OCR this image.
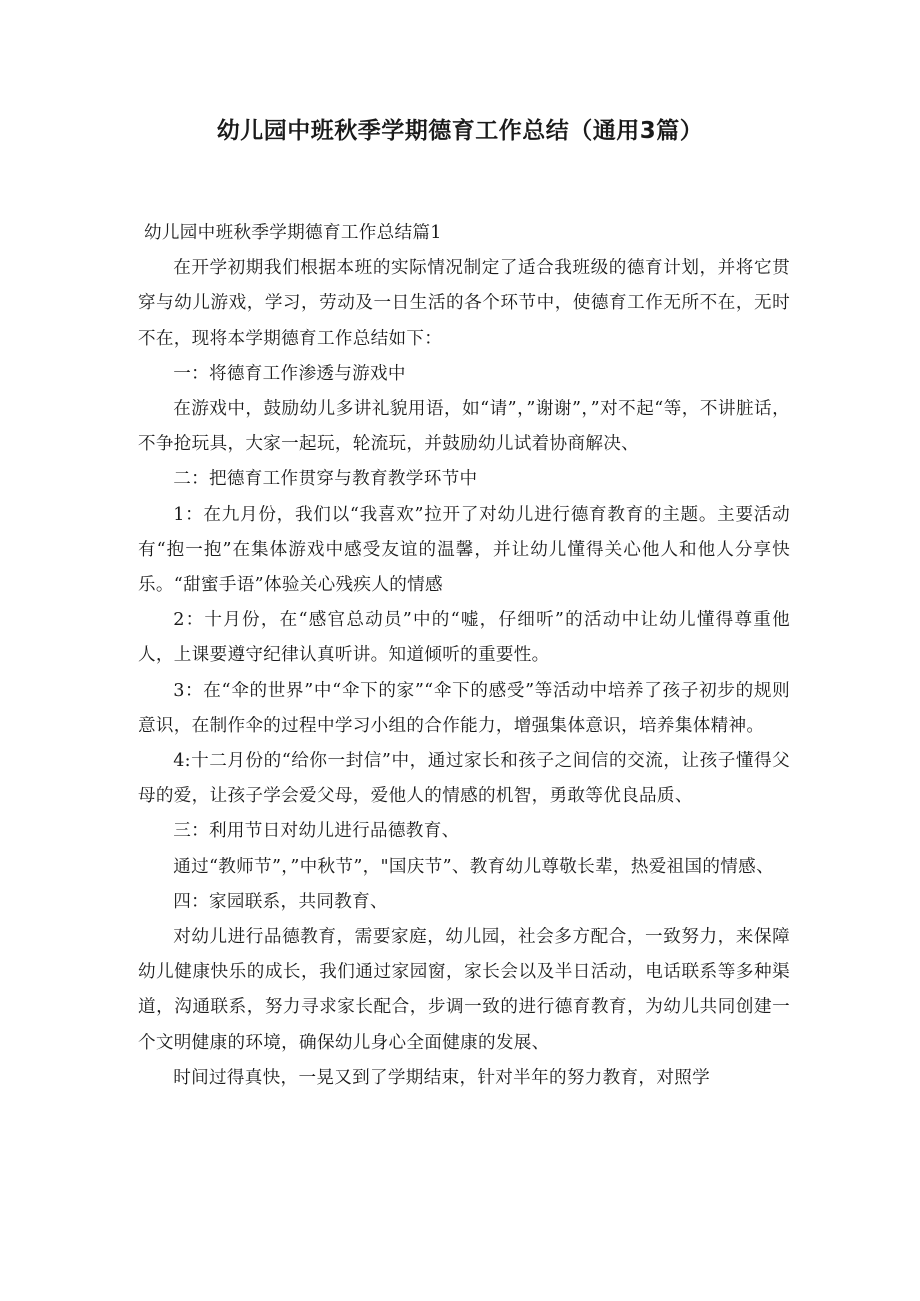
幼儿园中班秋季学期德育工作总结（通用3篇）

幼儿园中班秋季学期德育工作总结篇1

在开学初期我们根据本班的实际情况制定了适合我班级的德育计划，并将它贯穿与幼儿游戏，学习，劳动及一日生活的各个环节中，使德育工作无所不在，无时不在，现将本学期德育工作总结如下：

一：将德育工作渗透与游戏中

在游戏中，鼓励幼儿多讲礼貌用语，如“请”，”谢谢”，”对不起“等，不讲脏话，不争抢玩具，大家一起玩，轮流玩，并鼓励幼儿试着协商解决、

二：把德育工作贯穿与教育教学环节中

1：在九月份，我们以“我喜欢”拉开了对幼儿进行德育教育的主题。主要活动有“抱一抱”在集体游戏中感受友谊的温馨，并让幼儿懂得关心他人和他人分享快乐。“甜蜜手语”体验关心残疾人的情感

2：十月份，在“感官总动员”中的“嘘，仔细听”的活动中让幼儿懂得尊重他人，上课要遵守纪律认真听讲。知道倾听的重要性。

3：在“伞的世界”中“伞下的家”“伞下的感受”等活动中培养了孩子初步的规则意识，在制作伞的过程中学习小组的合作能力，增强集体意识，培养集体精神。

4:十二月份的“给你一封信”中，通过家长和孩子之间信的交流，让孩子懂得父母的爱，让孩子学会爱父母，爱他人的情感的机智，勇敢等优良品质、

三：利用节日对幼儿进行品德教育、

通过“教师节”，”中秋节”，"国庆节”、教育幼儿尊敬长辈，热爱祖国的情感、

四：家园联系，共同教育、

对幼儿进行品德教育，需要家庭，幼儿园，社会多方配合，一致努力，来保障幼儿健康快乐的成长，我们通过家园窗，家长会以及半日活动，电话联系等多种渠道，沟通联系，努力寻求家长配合，步调一致的进行德育教育，为幼儿共同创建一个文明健康的环境，确保幼儿身心全面健康的发展、

时间过得真快，一晃又到了学期结束，针对半年的努力教育，对照学
